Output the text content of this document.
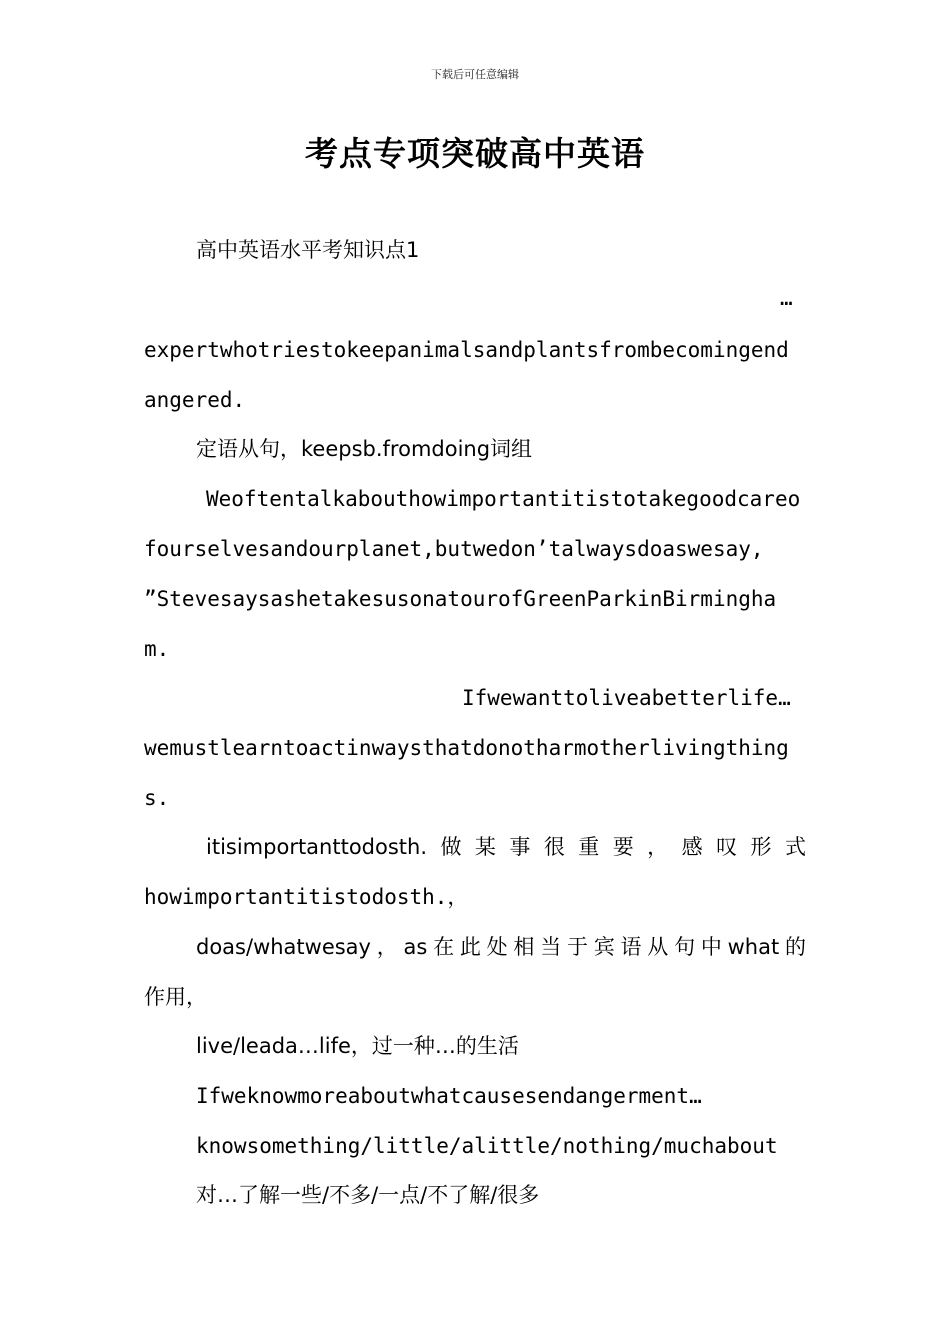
下载后可任意编辑
考点专项突破高中英语
高中英语水平考知识点1
…
expertwhotriestokeepanimalsandplantsfrombecomingend
angered.
定语从句，keepsb.fromdoing词组
Weoftentalkabouthowimportantitistotakegoodcareo
fourselvesandourplanet,butwedon’talwaysdoaswesay,
”StevesaysashetakesusonatourofGreenParkinBirmingha
m.
Ifwewanttoliveabetterlife…
wemustlearntoactinwaysthatdonotharmotherlivingthing
s.
itisimportanttodosth.做某事很重要，感叹形式
howimportantitistodosth.，
doas/whatwesay，as在此处相当于宾语从句中what的
作用，
live/leada…life，过一种…的生活
Ifweknowmoreaboutwhatcausesendangerment…
knowsomething/little/alittle/nothing/muchabout
对…了解一些/不多/一点/不了解/很多
